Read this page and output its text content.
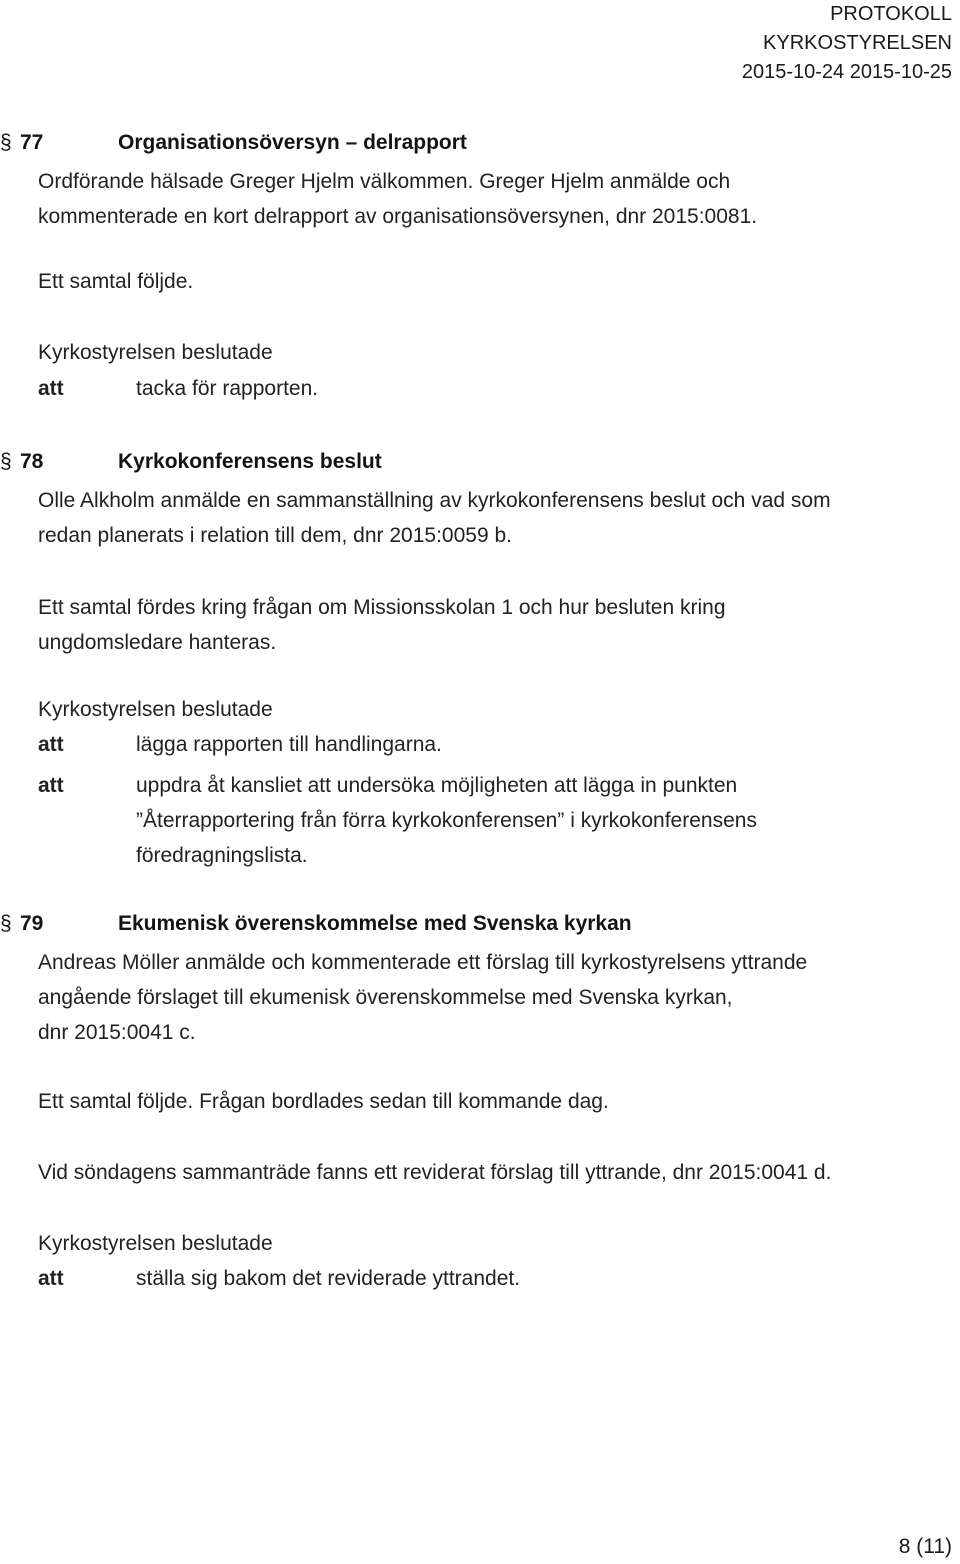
PROTOKOLL
KYRKOSTYRELSEN
2015-10-24 2015-10-25
§ 77	Organisationsöversyn – delrapport
Ordförande hälsade Greger Hjelm välkommen. Greger Hjelm anmälde och
kommenterade en kort delrapport av organisationsöversynen, dnr 2015:0081.
Ett samtal följde.
Kyrkostyrelsen beslutade
att	tacka för rapporten.
§ 78	Kyrkokonferensens beslut
Olle Alkholm anmälde en sammanställning av kyrkokonferensens beslut och vad som
redan planerats i relation till dem, dnr 2015:0059 b.
Ett samtal fördes kring frågan om Missionsskolan 1 och hur besluten kring
ungdomsledare hanteras.
Kyrkostyrelsen beslutade
att	lägga rapporten till handlingarna.
att	uppdra åt kansliet att undersöka möjligheten att lägga in punkten
”Återrapportering från förra kyrkokonferensen” i kyrkokonferensens
föredragningslista.
§ 79	Ekumenisk överenskommelse med Svenska kyrkan
Andreas Möller anmälde och kommenterade ett förslag till kyrkostyrelsens yttrande
angående förslaget till ekumenisk överenskommelse med Svenska kyrkan,
dnr 2015:0041 c.
Ett samtal följde. Frågan bordlades sedan till kommande dag.
Vid söndagens sammanträde fanns ett reviderat förslag till yttrande, dnr 2015:0041 d.
Kyrkostyrelsen beslutade
att	ställa sig bakom det reviderade yttrandet.
8 (11)
